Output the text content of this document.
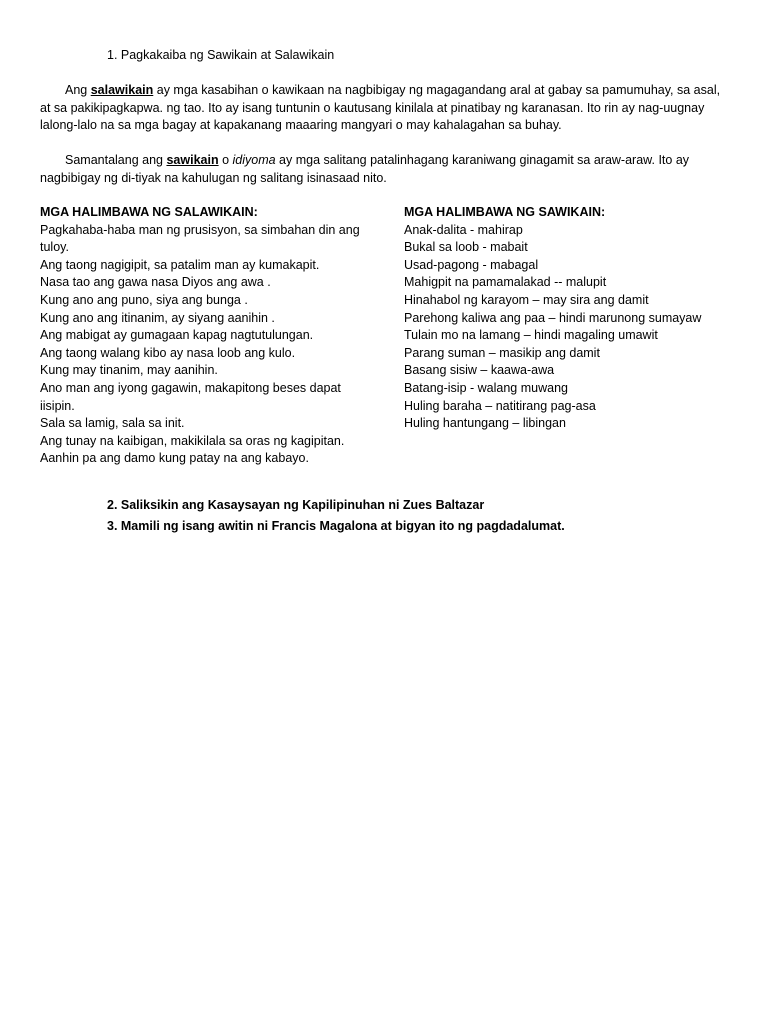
1. Pagkakaiba ng Sawikain at Salawikain
Ang salawikain ay mga kasabihan o kawikaan na nagbibigay ng magagandang aral at gabay sa pamumuhay, sa asal, at sa pakikipagkapwa. ng tao. Ito ay isang tuntunin o kautusang kinilala at pinatibay ng karanasan. Ito rin ay nag-uugnay lalong-lalo na sa mga bagay at kapakanang maaaring mangyari o may kahalagahan sa buhay.
Samantalang ang sawikain o idiyoma ay mga salitang patalinhagang karaniwang ginagamit sa araw-araw. Ito ay nagbibigay ng di-tiyak na kahulugan ng salitang isinasaad nito.
MGA HALIMBAWA NG SALAWIKAIN:
Pagkahaba-haba man ng prusisyon, sa simbahan din ang tuloy.
Ang taong nagigipit, sa patalim man ay kumakapit.
Nasa tao ang gawa nasa Diyos ang awa .
Kung ano ang puno, siya ang bunga .
Kung ano ang itinanim, ay siyang aanihin .
Ang mabigat ay gumagaan kapag nagtutulungan.
Ang taong walang kibo ay nasa loob ang kulo.
Kung may tinanim, may aanihin.
Ano man ang iyong gagawin, makapitong beses dapat iisipin.
Sala sa lamig, sala sa init.
Ang tunay na kaibigan, makikilala sa oras ng kagipitan.
Aanhin pa ang damo kung patay na ang kabayo.
MGA HALIMBAWA NG SAWIKAIN:
Anak-dalita - mahirap
Bukal sa loob - mabait
Usad-pagong - mabagal
Mahigpit na pamamalakad -- malupit
Hinahabol ng karayom – may sira ang damit
Parehong kaliwa ang paa – hindi marunong sumayaw
Tulain mo na lamang – hindi magaling umawit
Parang suman – masikip ang damit
Basang sisiw – kaawa-awa
Batang-isip - walang muwang
Huling baraha – natitirang pag-asa
Huling hantungang – libingan
2. Saliksikin ang Kasaysayan ng Kapilipinuhan ni Zues Baltazar
3. Mamili ng isang awitin ni Francis Magalona at bigyan ito ng pagdadalumat.
